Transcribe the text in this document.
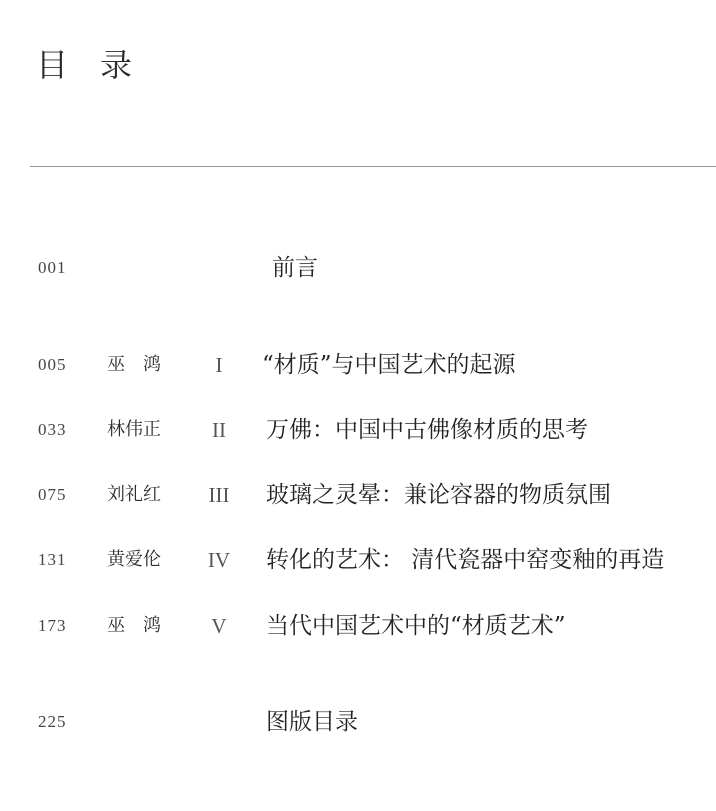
目　录
001	前言
005 巫　鸿	I	“材质”与中国艺术的起源
033 林伟正	II	万佛：中国中古佛像材质的思考
075 刘礼红	III	玻璃之灵晕：兼论容器的物质氛围
131 黄爱伦	IV	转化的艺术： 清代瓷器中窑变釉的再造
173 巫　鸿	V	当代中国艺术中的“材质艺术”
225	图版目录
